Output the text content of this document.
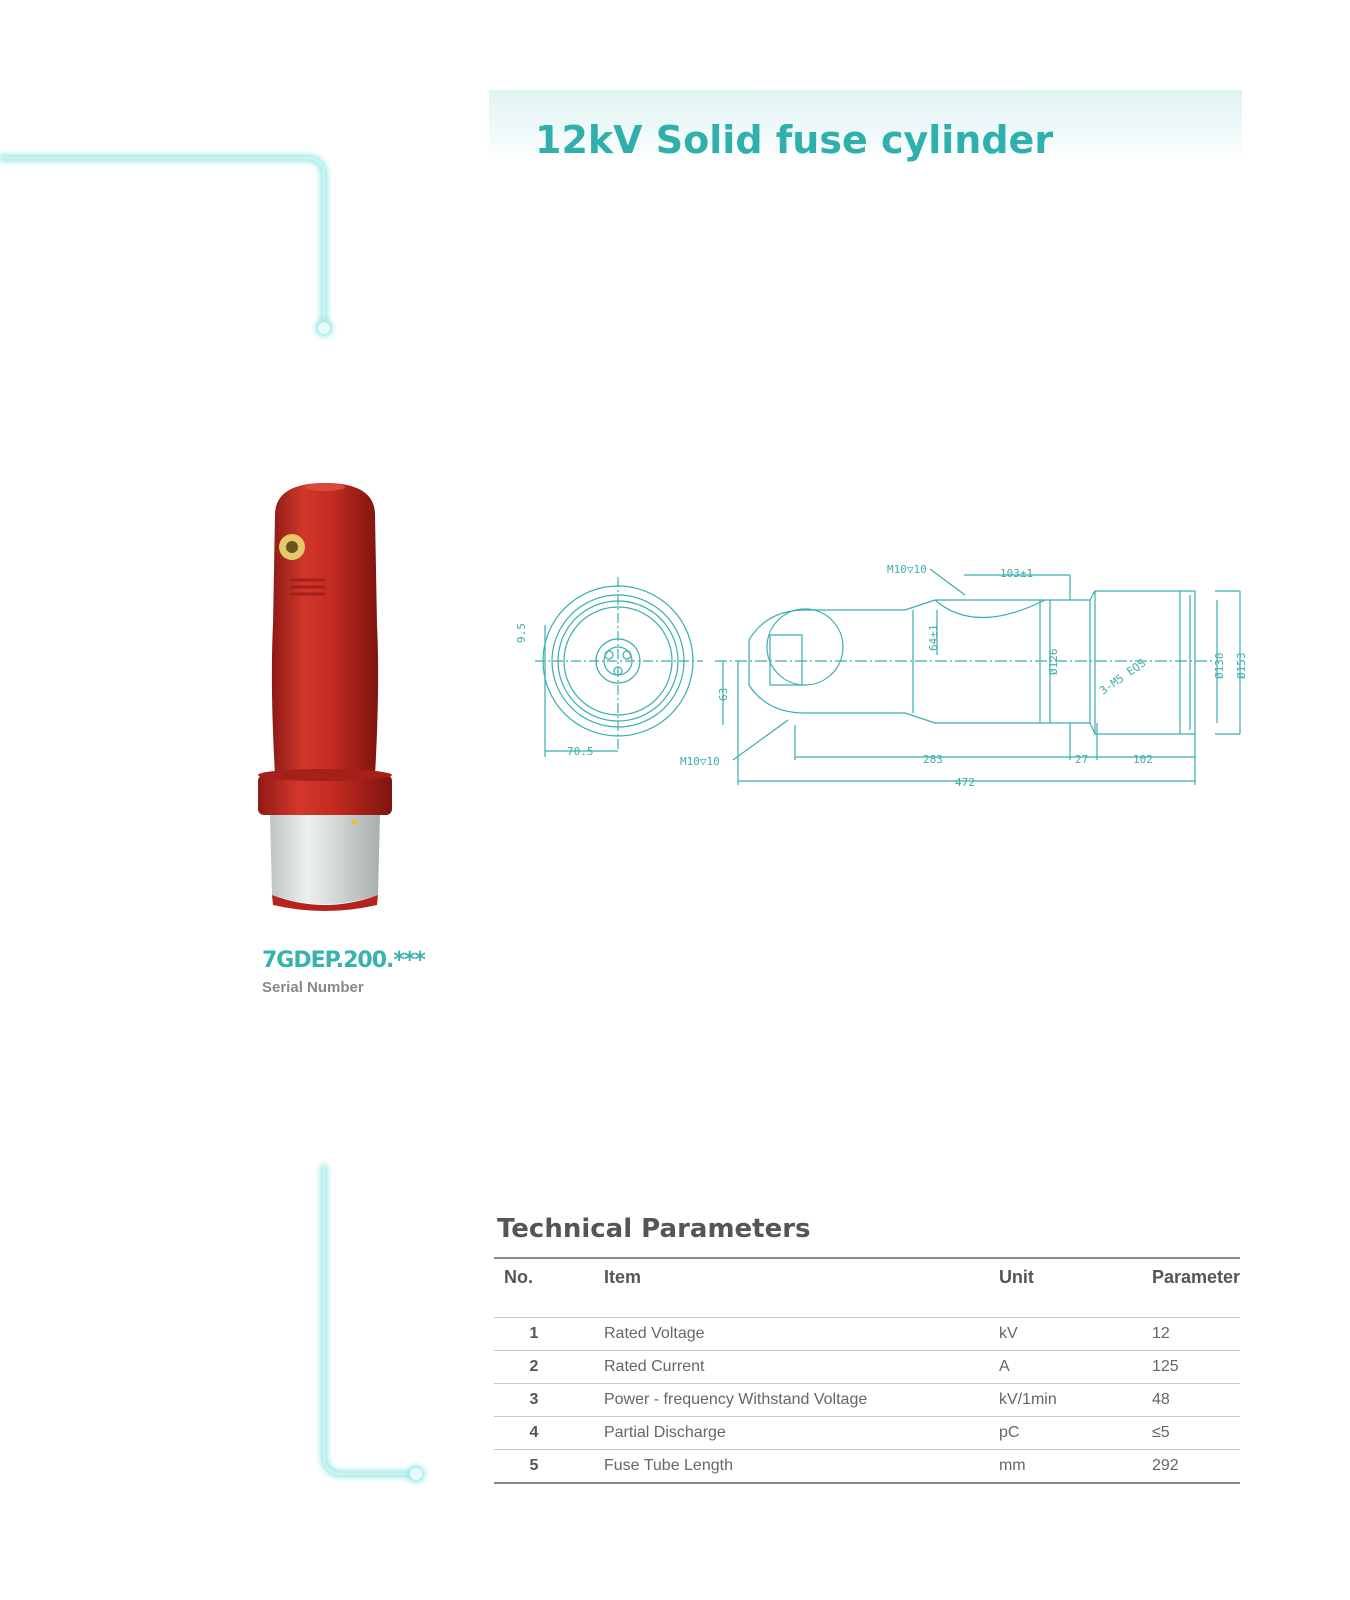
12kV Solid fuse cylinder
7GDEP.200.***

Serial Number

M10▽10	103±1
9.5	64±1
Ø126	3-M5 EQS	Ø130 Ø153
63
70.5
M10▽10	283	27	102
472
Technical Parameters
No.	Item	Unit	Parameter
1	Rated Voltage	kV	12
2	Rated Current	A	125
3	Power - frequency Withstand Voltage	kV/1min	48
4	Partial Discharge	pC	≤5
5	Fuse Tube Length	mm	292
